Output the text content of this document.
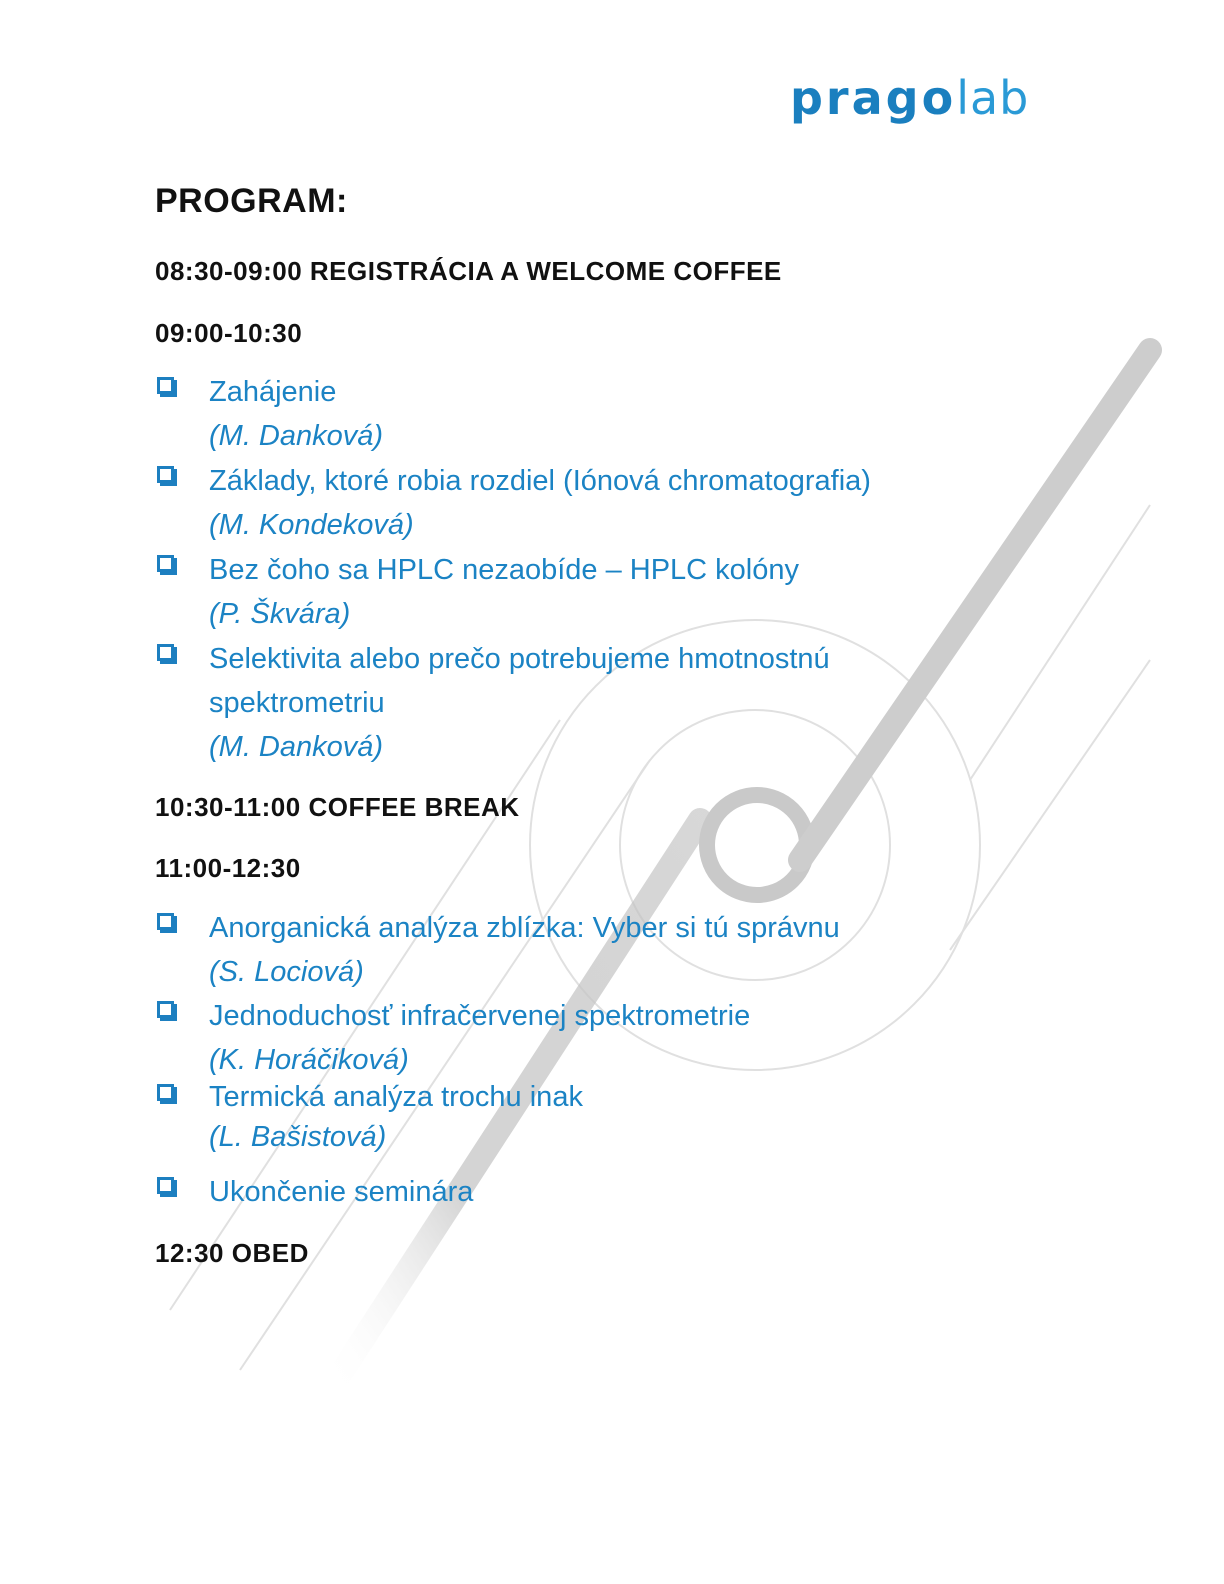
pragolab
PROGRAM:
08:30-09:00 REGISTRÁCIA A WELCOME COFFEE
09:00-10:30
Zahájenie
(M. Danková)
Základy, ktoré robia rozdiel (Iónová chromatografia)
(M. Kondeková)
Bez čoho sa HPLC nezaobíde – HPLC kolóny
(P. Škvára)
Selektivita alebo prečo potrebujeme hmotnostnú spektrometriu
(M. Danková)
10:30-11:00 COFFEE BREAK
11:00-12:30
Anorganická analýza zblízka: Vyber si tú správnu
(S. Lociová)
Jednoduchosť infračervenej spektrometrie
(K. Horáčiková)
Termická analýza trochu inak
(L. Bašistová)
Ukončenie seminára
12:30 OBED
